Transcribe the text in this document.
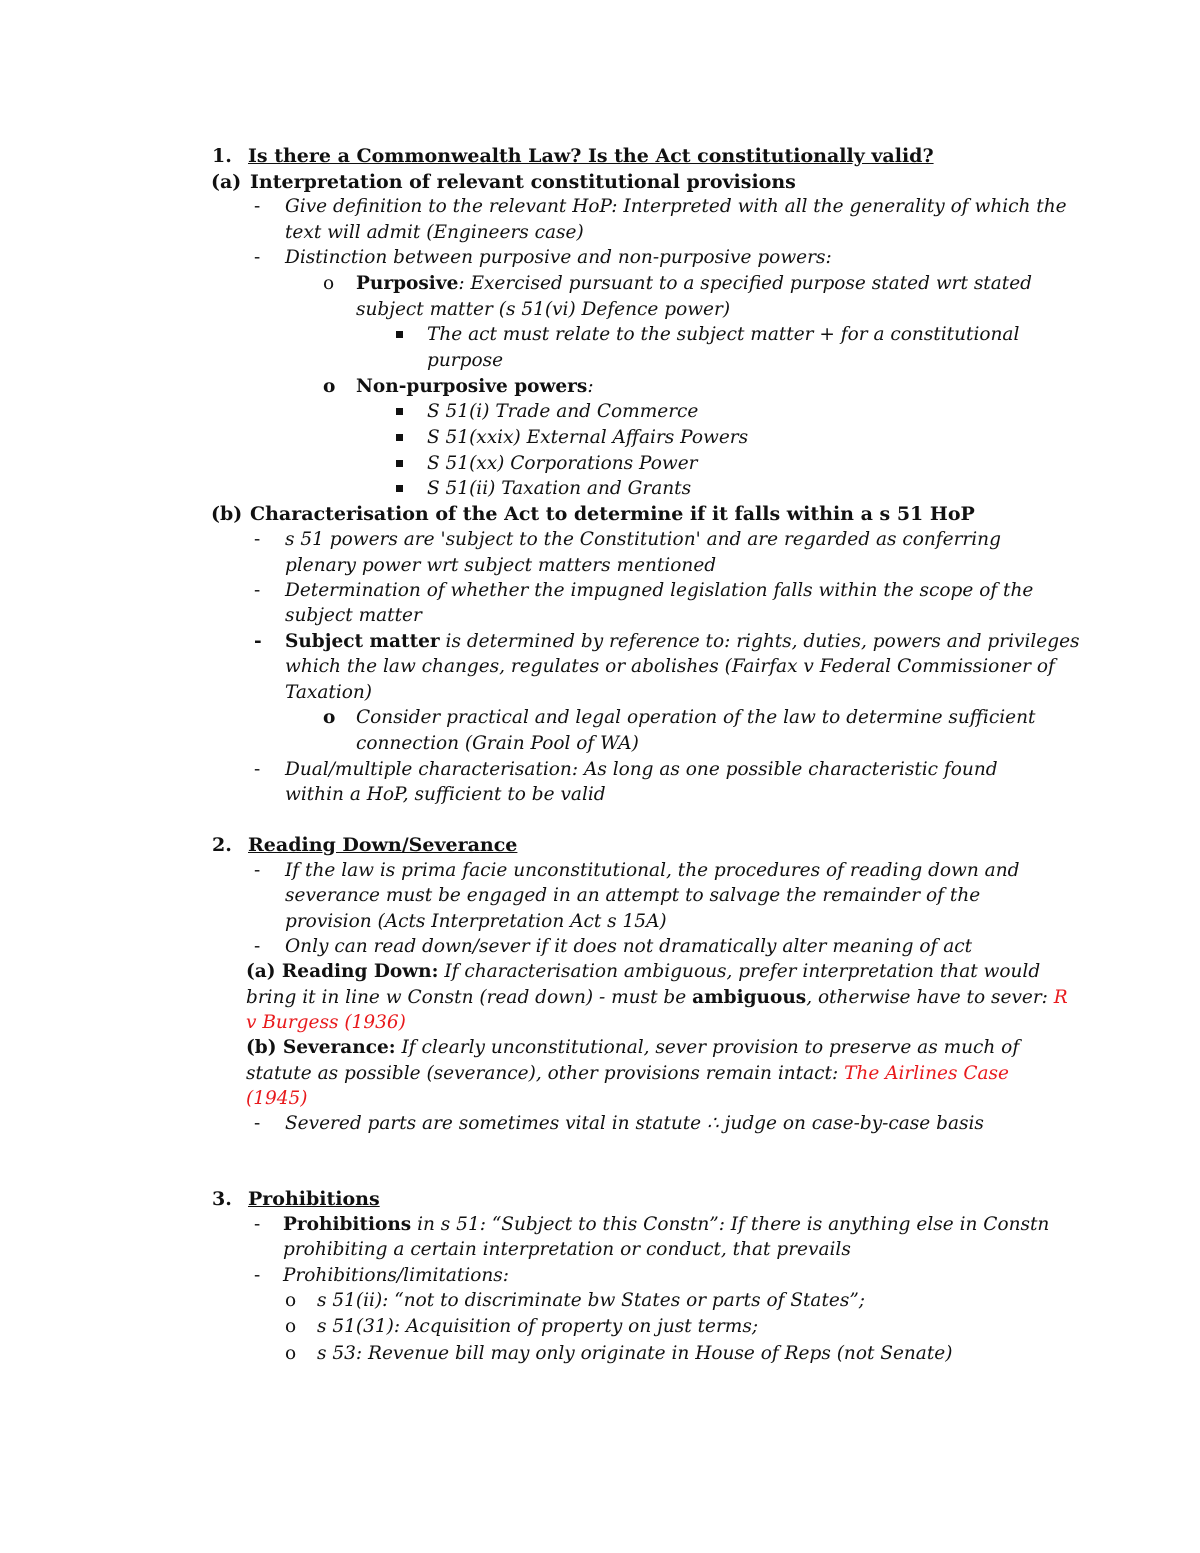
1. Is there a Commonwealth Law? Is the Act constitutionally valid?
(a) Interpretation of relevant constitutional provisions
- Give definition to the relevant HoP: Interpreted with all the generality of which the
text will admit (Engineers case)
- Distinction between purposive and non-purposive powers:
o Purposive: Exercised pursuant to a specified purpose stated wrt stated
subject matter (s 51(vi) Defence power)
The act must relate to the subject matter + for a constitutional
purpose
o Non-purposive powers:
S 51(i) Trade and Commerce
S 51(xxix) External Affairs Powers
S 51(xx) Corporations Power
S 51(ii) Taxation and Grants
(b) Characterisation of the Act to determine if it falls within a s 51 HoP
- s 51 powers are 'subject to the Constitution' and are regarded as conferring
plenary power wrt subject matters mentioned
- Determination of whether the impugned legislation falls within the scope of the
subject matter
- Subject matter is determined by reference to: rights, duties, powers and privileges
which the law changes, regulates or abolishes (Fairfax v Federal Commissioner of
Taxation)
o Consider practical and legal operation of the law to determine sufficient
connection (Grain Pool of WA)
- Dual/multiple characterisation: As long as one possible characteristic found
within a HoP, sufficient to be valid
2. Reading Down/Severance
- If the law is prima facie unconstitutional, the procedures of reading down and
severance must be engaged in an attempt to salvage the remainder of the
provision (Acts Interpretation Act s 15A)
- Only can read down/sever if it does not dramatically alter meaning of act
(a) Reading Down: If characterisation ambiguous, prefer interpretation that would
bring it in line w Constn (read down) - must be ambiguous, otherwise have to sever: R
v Burgess (1936)
(b) Severance: If clearly unconstitutional, sever provision to preserve as much of
statute as possible (severance), other provisions remain intact: The Airlines Case
(1945)
- Severed parts are sometimes vital in statute ∴ judge on case-by-case basis
3. Prohibitions
- Prohibitions in s 51: “Subject to this Constn”: If there is anything else in Constn
prohibiting a certain interpretation or conduct, that prevails
- Prohibitions/limitations:
o s 51(ii): “not to discriminate bw States or parts of States”;
o s 51(31): Acquisition of property on just terms;
o s 53: Revenue bill may only originate in House of Reps (not Senate)
